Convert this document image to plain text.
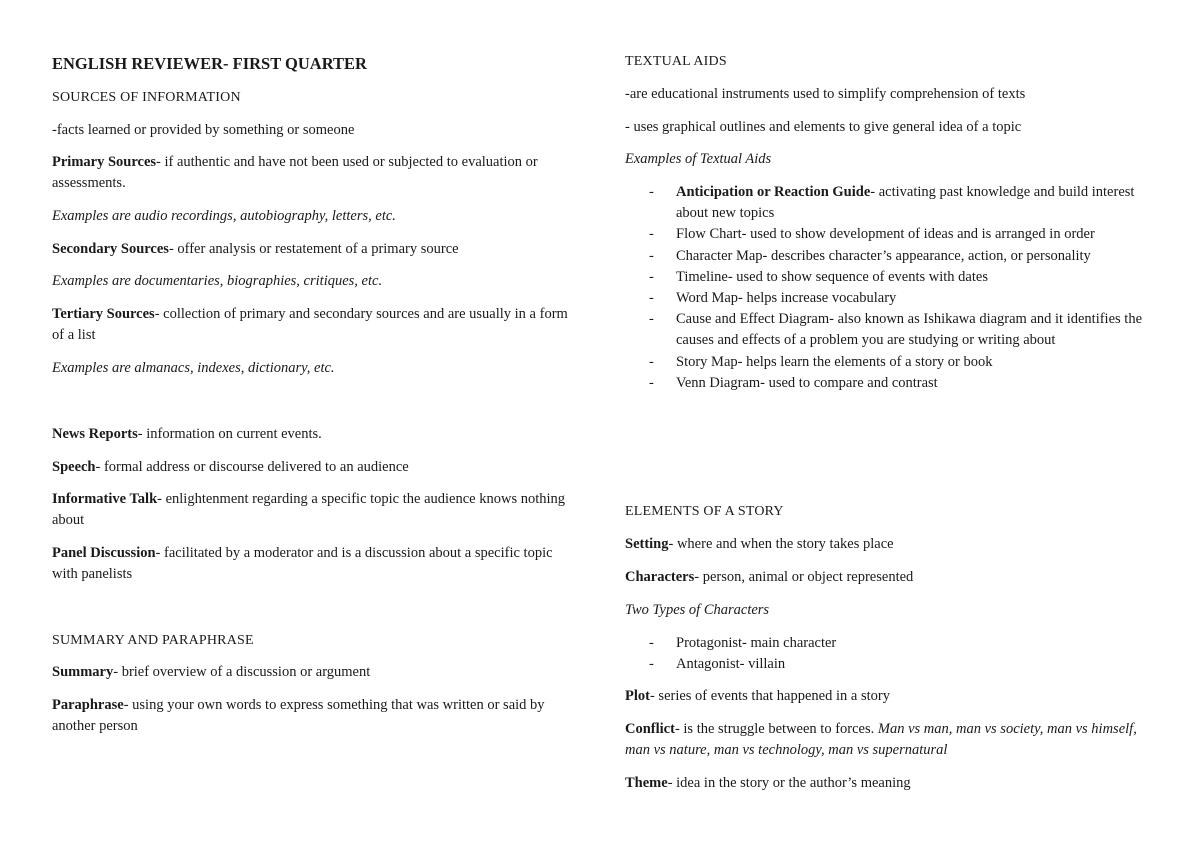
ENGLISH REVIEWER- FIRST QUARTER
SOURCES OF INFORMATION
-facts learned or provided by something or someone
Primary Sources- if authentic and have not been used or subjected to evaluation or assessments.
Examples are audio recordings, autobiography, letters, etc.
Secondary Sources- offer analysis or restatement of a primary source
Examples are documentaries, biographies, critiques, etc.
Tertiary Sources- collection of primary and secondary sources and are usually in a form of a list
Examples are almanacs, indexes, dictionary, etc.
News Reports- information on current events.
Speech- formal address or discourse delivered to an audience
Informative Talk- enlightenment regarding a specific topic the audience knows nothing about
Panel Discussion- facilitated by a moderator and is a discussion about a specific topic with panelists
SUMMARY AND PARAPHRASE
Summary- brief overview of a discussion or argument
Paraphrase- using your own words to express something that was written or said by another person
TEXTUAL AIDS
-are educational instruments used to simplify comprehension of texts
- uses graphical outlines and elements to give general idea of a topic
Examples of Textual Aids
- Anticipation or Reaction Guide- activating past knowledge and build interest about new topics
- Flow Chart- used to show development of ideas and is arranged in order
- Character Map- describes character’s appearance, action, or personality
- Timeline- used to show sequence of events with dates
- Word Map- helps increase vocabulary
- Cause and Effect Diagram- also known as Ishikawa diagram and it identifies the causes and effects of a problem you are studying or writing about
- Story Map- helps learn the elements of a story or book
- Venn Diagram- used to compare and contrast
ELEMENTS OF A STORY
Setting- where and when the story takes place
Characters- person, animal or object represented
Two Types of Characters
- Protagonist- main character
- Antagonist- villain
Plot- series of events that happened in a story
Conflict- is the struggle between to forces. Man vs man, man vs society, man vs himself, man vs nature, man vs technology, man vs supernatural
Theme- idea in the story or the author’s meaning
